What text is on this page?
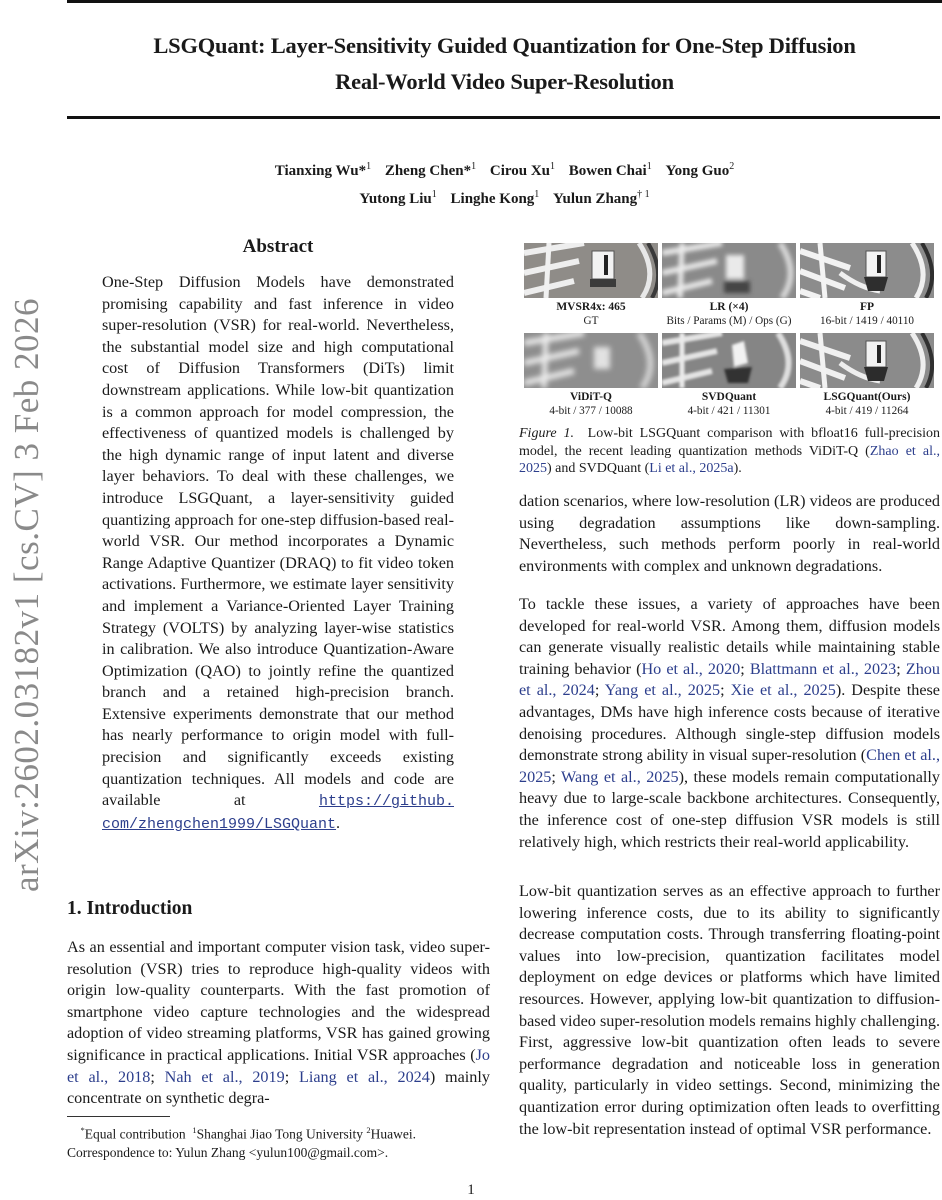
LSGQuant: Layer-Sensitivity Guided Quantization for One-Step Diffusion
Real-World Video Super-Resolution
Tianxing Wu*$^1$ Zheng Chen*$^1$ Cirou Xu$^1$ Bowen Chai$^1$ Yong Guo$^2$
Yutong Liu$^1$ Linghe Kong$^1$ Yulun Zhang$^{\dagger 1}$
arXiv:2602.03182v1 [cs.CV] 3 Feb 2026
Abstract
One-Step Diffusion Models have demonstrated promising capability and fast inference in video super-resolution (VSR) for real-world. Nevertheless, the substantial model size and high computational cost of Diffusion Transformers (DiTs) limit downstream applications. While low-bit quantization is a common approach for model compression, the effectiveness of quantized models is challenged by the high dynamic range of input latent and diverse layer behaviors. To deal with these challenges, we introduce LSGQuant, a layer-sensitivity guided quantizing approach for one-step diffusion-based real-world VSR. Our method incorporates a Dynamic Range Adaptive Quantizer (DRAQ) to fit video token activations. Furthermore, we estimate layer sensitivity and implement a Variance-Oriented Layer Training Strategy (VOLTS) by analyzing layer-wise statistics in calibration. We also introduce Quantization-Aware Optimization (QAO) to jointly refine the quantized branch and a retained high-precision branch. Extensive experiments demonstrate that our method has nearly performance to origin model with full-precision and significantly exceeds existing quantization techniques. All models and code are available at	https://github.com/zhengchen1999/LSGQuant.
1. Introduction
As an essential and important computer vision task, video super-resolution (VSR) tries to reproduce high-quality videos with origin low-quality counterparts. With the fast promotion of smartphone video capture technologies and the widespread adoption of video streaming platforms, VSR has gained growing significance in practical applications. Initial VSR approaches (Jo et al., 2018; Nah et al., 2019; Liang et al., 2024) mainly concentrate on synthetic degra-
*Equal contribution $^1$Shanghai Jiao Tong University $^2$Huawei.
Correspondence to: Yulun Zhang <yulun100@gmail.com>.
MVSR4x: 465
GT
LR (×4)
Bits / Params (M) / Ops (G)
FP
16-bit / 1419 / 40110
ViDiT-Q
4-bit / 377 / 10088
SVDQuant
4-bit / 421 / 11301
LSGQuant(Ours)
4-bit / 419 / 11264
Figure 1. Low-bit LSGQuant comparison with bfloat16 full-precision model, the recent leading quantization methods ViDiT-Q (Zhao et al., 2025) and SVDQuant (Li et al., 2025a).
dation scenarios, where low-resolution (LR) videos are produced using degradation assumptions like down-sampling. Nevertheless, such methods perform poorly in real-world environments with complex and unknown degradations.
To tackle these issues, a variety of approaches have been developed for real-world VSR. Among them, diffusion models can generate visually realistic details while maintaining stable training behavior (Ho et al., 2020; Blattmann et al., 2023; Zhou et al., 2024; Yang et al., 2025; Xie et al., 2025). Despite these advantages, DMs have high inference costs because of iterative denoising procedures. Although single-step diffusion models demonstrate strong ability in visual super-resolution (Chen et al., 2025; Wang et al., 2025), these models remain computationally heavy due to large-scale backbone architectures. Consequently, the inference cost of one-step diffusion VSR models is still relatively high, which restricts their real-world applicability.
Low-bit quantization serves as an effective approach to further lowering inference costs, due to its ability to significantly decrease computation costs. Through transferring floating-point values into low-precision, quantization facilitates model deployment on edge devices or platforms which have limited resources. However, applying low-bit quantization to diffusion-based video super-resolution models remains highly challenging. First, aggressive low-bit quantization often leads to severe performance degradation and noticeable loss in generation quality, particularly in video settings. Second, minimizing the quantization error during optimization often leads to overfitting the low-bit representation instead of optimal VSR performance.
1
